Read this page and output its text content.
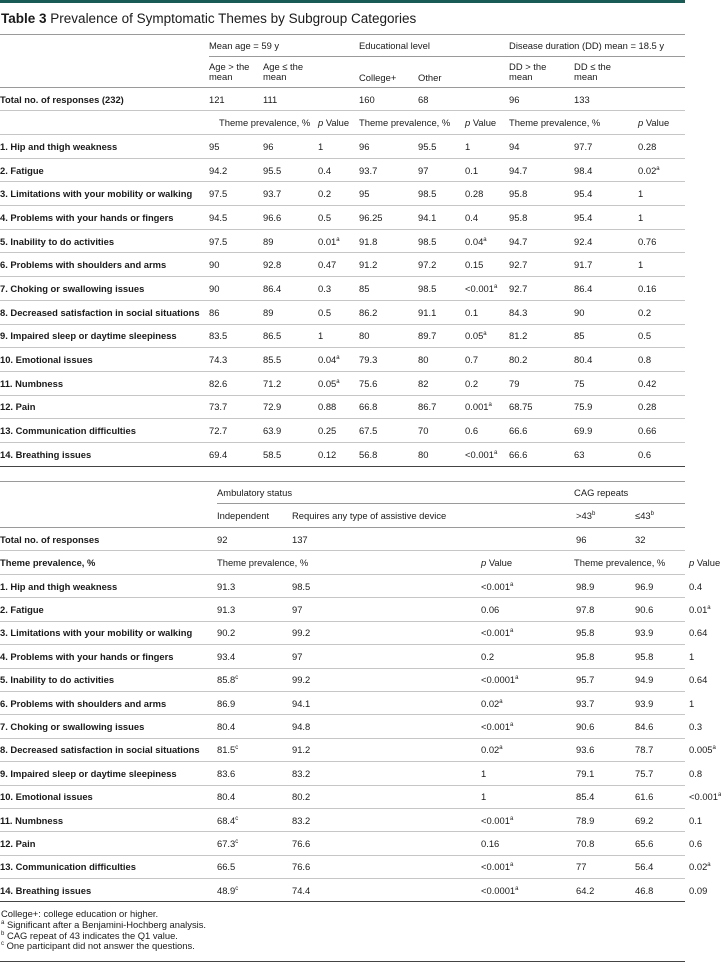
Table 3 Prevalence of Symptomatic Themes by Subgroup Categories
	Mean age = 59 y			Educational level			Disease duration (DD) mean = 18.5 y		
	Age > the mean	Age ≤ the mean		College+	Other		DD > the mean	DD ≤ the mean	
Total no. of responses (232)	121	111		160	68		96	133	
	Theme prevalence, %		p Value	Theme prevalence, %		p Value	Theme prevalence, %		p Value
1. Hip and thigh weakness	95	96	1	96	95.5	1	94	97.7	0.28
2. Fatigue	94.2	95.5	0.4	93.7	97	0.1	94.7	98.4	0.02$^a$
3. Limitations with your mobility or walking	97.5	93.7	0.2	95	98.5	0.28	95.8	95.4	1
4. Problems with your hands or fingers	94.5	96.6	0.5	96.25	94.1	0.4	95.8	95.4	1
5. Inability to do activities	97.5	89	0.01$^a$	91.8	98.5	0.04$^a$	94.7	92.4	0.76
6. Problems with shoulders and arms	90	92.8	0.47	91.2	97.2	0.15	92.7	91.7	1
7. Choking or swallowing issues	90	86.4	0.3	85	98.5	<0.001$^a$	92.7	86.4	0.16
8. Decreased satisfaction in social situations	86	89	0.5	86.2	91.1	0.1	84.3	90	0.2
9. Impaired sleep or daytime sleepiness	83.5	86.5	1	80	89.7	0.05$^a$	81.2	85	0.5
10. Emotional issues	74.3	85.5	0.04$^a$	79.3	80	0.7	80.2	80.4	0.8
11. Numbness	82.6	71.2	0.05$^a$	75.6	82	0.2	79	75	0.42
12. Pain	73.7	72.9	0.88	66.8	86.7	0.001$^a$	68.75	75.9	0.28
13. Communication difficulties	72.7	63.9	0.25	67.5	70	0.6	66.6	69.9	0.66
14. Breathing issues	69.4	58.5	0.12	56.8	80	<0.001$^a$	66.6	63	0.6
	Ambulatory status				CAG repeats		
	Independent	Requires any type of assistive device			$>43^b$	$\le 43^b$	
Total no. of responses	92	137			96	32	
Theme prevalence, %	Theme prevalence, %		p Value		Theme prevalence, %		p Value
1. Hip and thigh weakness	91.3	98.5	<0.001$^a$		98.9	96.9	0.4
2. Fatigue	91.3	97	0.06		97.8	90.6	0.01$^a$
3. Limitations with your mobility or walking	90.2	99.2	<0.001$^a$		95.8	93.9	0.64
4. Problems with your hands or fingers	93.4	97	0.2		95.8	95.8	1
5. Inability to do activities	85.8$^c$	99.2	<0.0001$^a$		95.7	94.9	0.64
6. Problems with shoulders and arms	86.9	94.1	0.02$^a$		93.7	93.9	1
7. Choking or swallowing issues	80.4	94.8	<0.001$^a$		90.6	84.6	0.3
8. Decreased satisfaction in social situations	81.5$^c$	91.2	0.02$^a$		93.6	78.7	0.005$^a$
9. Impaired sleep or daytime sleepiness	83.6	83.2	1		79.1	75.7	0.8
10. Emotional issues	80.4	80.2	1		85.4	61.6	<0.001$^a$
11. Numbness	68.4$^c$	83.2	<0.001$^a$		78.9	69.2	0.1
12. Pain	67.3$^c$	76.6	0.16		70.8	65.6	0.6
13. Communication difficulties	66.5	76.6	<0.001$^a$		77	56.4	0.02$^a$
14. Breathing issues	48.9$^c$	74.4	<0.0001$^a$		64.2	46.8	0.09
College+: college education or higher.
$^a$ Significant after a Benjamini-Hochberg analysis.
$^b$ CAG repeat of 43 indicates the Q1 value.
$^c$ One participant did not answer the questions.
